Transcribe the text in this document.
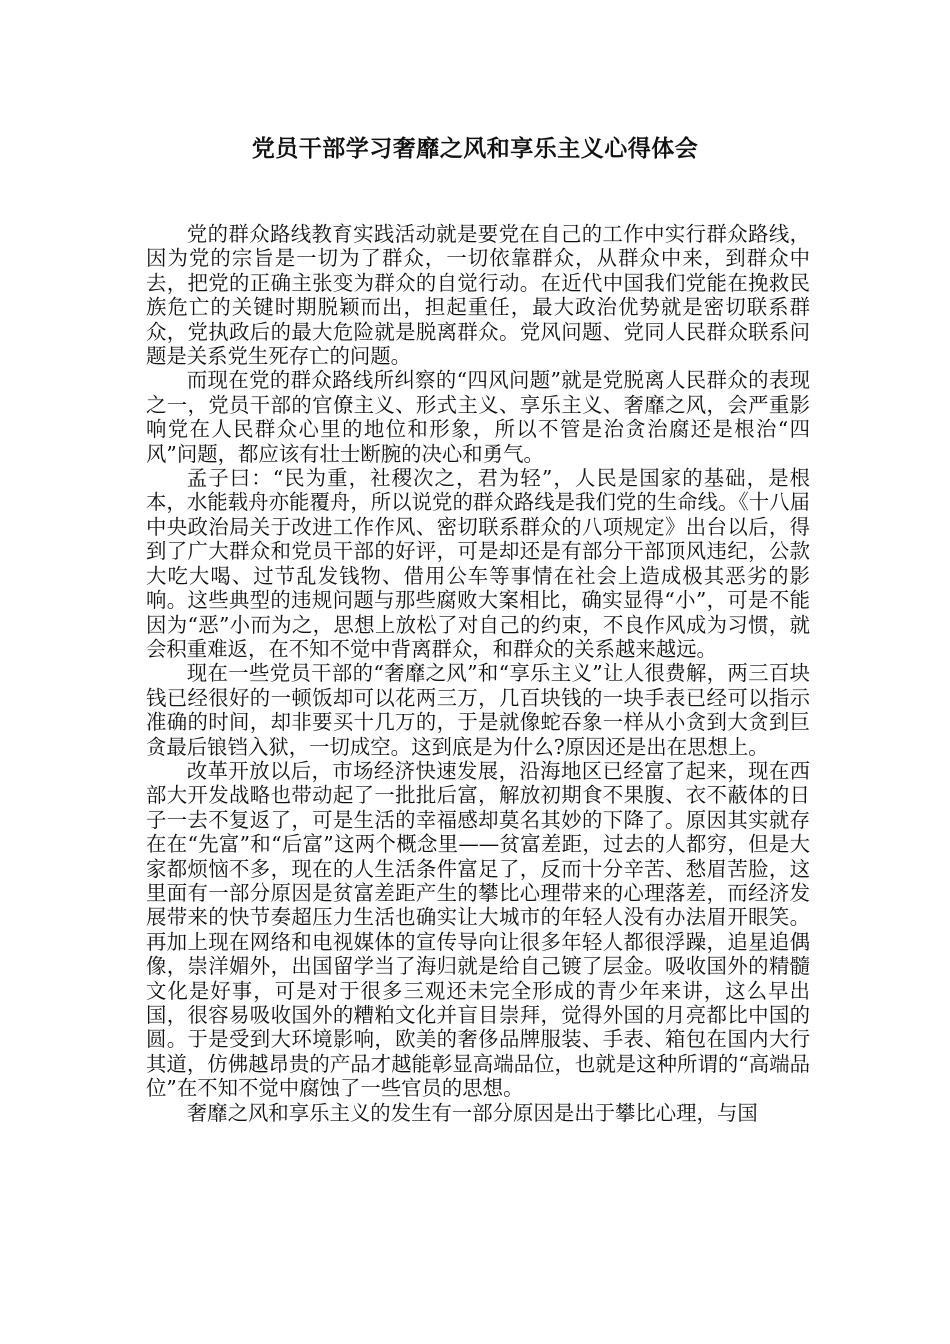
党员干部学习奢靡之风和享乐主义心得体会

党的群众路线教育实践活动就是要党在自己的工作中实行群众路线，因为党的宗旨是一切为了群众，一切依靠群众，从群众中来，到群众中去，把党的正确主张变为群众的自觉行动。在近代中国我们党能在挽救民族危亡的关键时期脱颖而出，担起重任，最大政治优势就是密切联系群众，党执政后的最大危险就是脱离群众。党风问题、党同人民群众联系问题是关系党生死存亡的问题。

而现在党的群众路线所纠察的“四风问题”就是党脱离人民群众的表现之一，党员干部的官僚主义、形式主义、享乐主义、奢靡之风，会严重影响党在人民群众心里的地位和形象，所以不管是治贪治腐还是根治“四风”问题，都应该有壮士断腕的决心和勇气。

孟子曰：“民为重，社稷次之，君为轻”，人民是国家的基础，是根本，水能载舟亦能覆舟，所以说党的群众路线是我们党的生命线。《十八届中央政治局关于改进工作作风、密切联系群众的八项规定》出台以后，得到了广大群众和党员干部的好评，可是却还是有部分干部顶风违纪，公款大吃大喝、过节乱发钱物、借用公车等事情在社会上造成极其恶劣的影响。这些典型的违规问题与那些腐败大案相比，确实显得“小”，可是不能因为“恶”小而为之，思想上放松了对自己的约束，不良作风成为习惯，就会积重难返，在不知不觉中背离群众，和群众的关系越来越远。

现在一些党员干部的“奢靡之风”和“享乐主义”让人很费解，两三百块钱已经很好的一顿饭却可以花两三万，几百块钱的一块手表已经可以指示准确的时间，却非要买十几万的，于是就像蛇吞象一样从小贪到大贪到巨贪最后锒铛入狱，一切成空。这到底是为什么?原因还是出在思想上。

改革开放以后，市场经济快速发展，沿海地区已经富了起来，现在西部大开发战略也带动起了一批批后富，解放初期食不果腹、衣不蔽体的日子一去不复返了，可是生活的幸福感却莫名其妙的下降了。原因其实就存在在“先富”和“后富”这两个概念里——贫富差距，过去的人都穷，但是大家都烦恼不多，现在的人生活条件富足了，反而十分辛苦、愁眉苦脸，这里面有一部分原因是贫富差距产生的攀比心理带来的心理落差，而经济发展带来的快节奏超压力生活也确实让大城市的年轻人没有办法眉开眼笑。再加上现在网络和电视媒体的宣传导向让很多年轻人都很浮躁，追星追偶像，崇洋媚外，出国留学当了海归就是给自己镀了层金。吸收国外的精髓文化是好事，可是对于很多三观还未完全形成的青少年来讲，这么早出国，很容易吸收国外的糟粕文化并盲目崇拜，觉得外国的月亮都比中国的圆。于是受到大环境影响，欧美的奢侈品牌服装、手表、箱包在国内大行其道，仿佛越昂贵的产品才越能彰显高端品位，也就是这种所谓的“高端品位”在不知不觉中腐蚀了一些官员的思想。

奢靡之风和享乐主义的发生有一部分原因是出于攀比心理，与国
